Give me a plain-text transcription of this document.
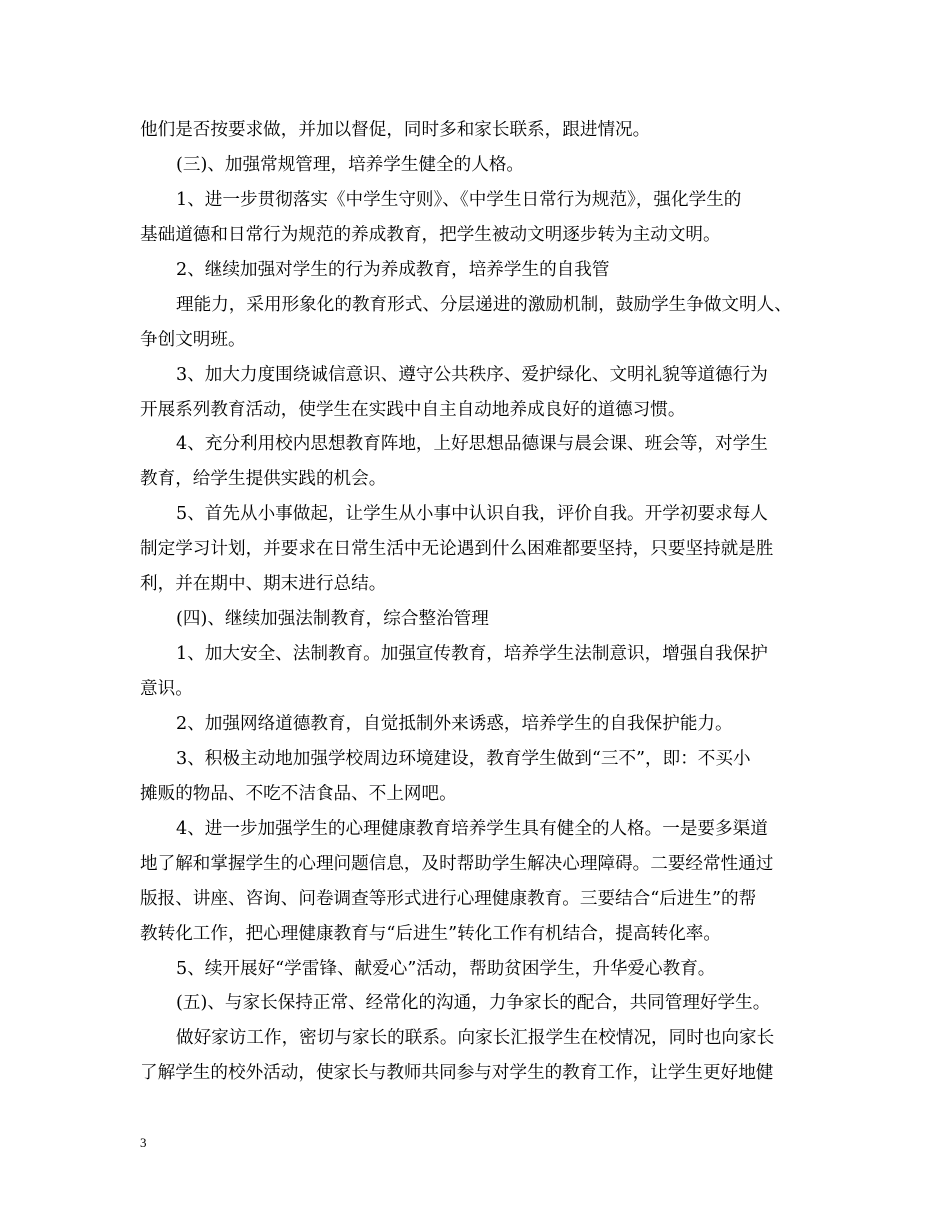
他们是否按要求做，并加以督促，同时多和家长联系，跟进情况。
(三)、加强常规管理，培养学生健全的人格。
1、进一步贯彻落实《中学生守则》、《中学生日常行为规范》，强化学生的
基础道德和日常行为规范的养成教育，把学生被动文明逐步转为主动文明。
2、继续加强对学生的行为养成教育，培养学生的自我管
理能力，采用形象化的教育形式、分层递进的激励机制，鼓励学生争做文明人、
争创文明班。
3、加大力度围绕诚信意识、遵守公共秩序、爱护绿化、文明礼貌等道德行为
开展系列教育活动，使学生在实践中自主自动地养成良好的道德习惯。
4、充分利用校内思想教育阵地，上好思想品德课与晨会课、班会等，对学生
教育，给学生提供实践的机会。
5、首先从小事做起，让学生从小事中认识自我，评价自我。开学初要求每人
制定学习计划，并要求在日常生活中无论遇到什么困难都要坚持，只要坚持就是胜
利，并在期中、期末进行总结。
(四)、继续加强法制教育，综合整治管理
1、加大安全、法制教育。加强宣传教育，培养学生法制意识，增强自我保护
意识。
2、加强网络道德教育，自觉抵制外来诱惑，培养学生的自我保护能力。
3、积极主动地加强学校周边环境建设，教育学生做到“三不”，即：不买小
摊贩的物品、不吃不洁食品、不上网吧。
4、进一步加强学生的心理健康教育培养学生具有健全的人格。一是要多渠道
地了解和掌握学生的心理问题信息，及时帮助学生解决心理障碍。二要经常性通过
版报、讲座、咨询、问卷调查等形式进行心理健康教育。三要结合“后进生”的帮
教转化工作，把心理健康教育与“后进生”转化工作有机结合，提高转化率。
5、续开展好“学雷锋、献爱心”活动，帮助贫困学生，升华爱心教育。
(五)、与家长保持正常、经常化的沟通，力争家长的配合，共同管理好学生。
做好家访工作，密切与家长的联系。向家长汇报学生在校情况，同时也向家长
了解学生的校外活动，使家长与教师共同参与对学生的教育工作，让学生更好地健
3
